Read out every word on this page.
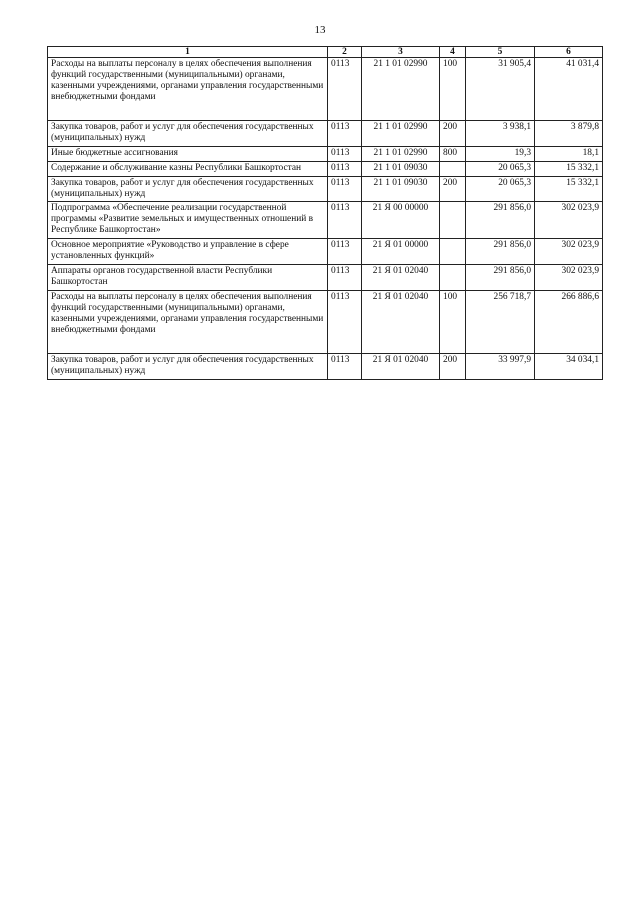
13
1	2	3	4	5	6
Расходы на выплаты персоналу в целях обеспечения выполнения функций государственными (муниципальными) органами, казенными учреждениями, органами управления государственными внебюджетными фондами	0113	21 1 01 02990	100	31 905,4	41 031,4
Закупка товаров, работ и услуг для обеспечения государственных (муниципальных) нужд	0113	21 1 01 02990	200	3 938,1	3 879,8
Иные бюджетные ассигнования	0113	21 1 01 02990	800	19,3	18,1
Содержание и обслуживание казны Республики Башкортостан	0113	21 1 01 09030		20 065,3	15 332,1
Закупка товаров, работ и услуг для обеспечения государственных (муниципальных) нужд	0113	21 1 01 09030	200	20 065,3	15 332,1
Подпрограмма «Обеспечение реализации государственной программы «Развитие земельных и имущественных отношений в Республике Башкортостан»	0113	21 Я 00 00000		291 856,0	302 023,9
Основное мероприятие «Руководство и управление в сфере установленных функций»	0113	21 Я 01 00000		291 856,0	302 023,9
Аппараты органов государственной власти Республики Башкортостан	0113	21 Я 01 02040		291 856,0	302 023,9
Расходы на выплаты персоналу в целях обеспечения выполнения функций государственными (муниципальными) органами, казенными учреждениями, органами управления государственными внебюджетными фондами	0113	21 Я 01 02040	100	256 718,7	266 886,6
Закупка товаров, работ и услуг для обеспечения государственных (муниципальных) нужд	0113	21 Я 01 02040	200	33 997,9	34 034,1
